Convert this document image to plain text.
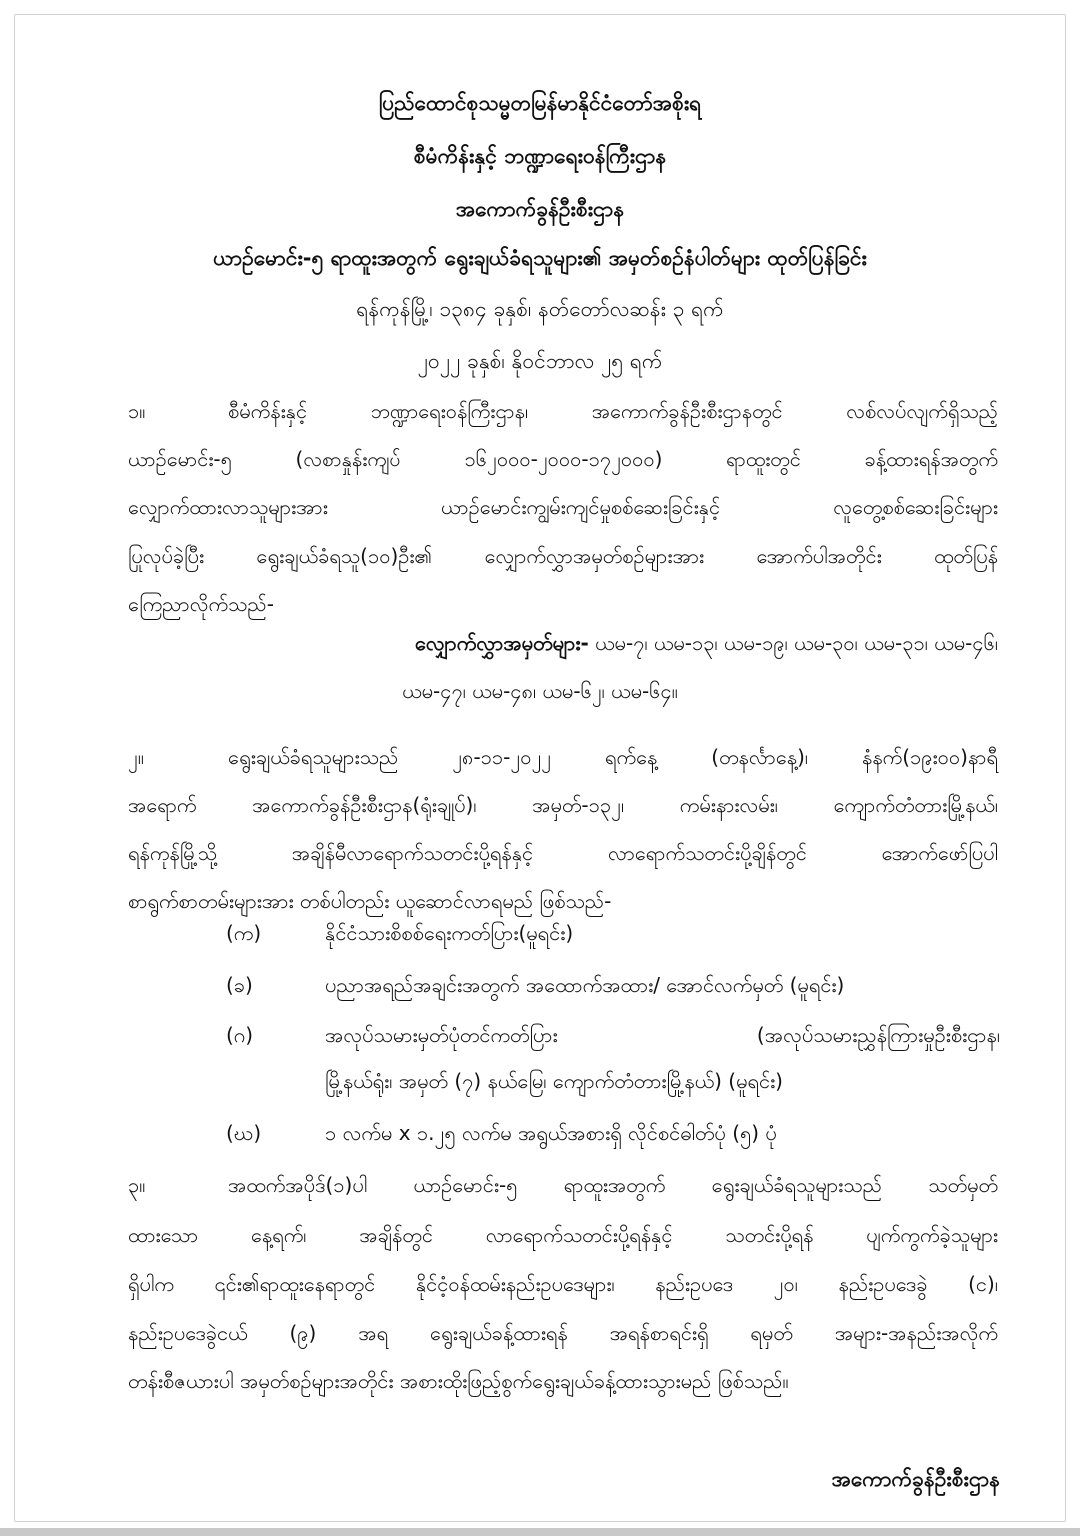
ပြည်ထောင်စုသမ္မတမြန်မာနိုင်ငံတော်အစိုးရ
စီမံကိန်းနှင့် ဘဏ္ဍာရေးဝန်ကြီးဌာန
အကောက်ခွန်ဦးစီးဌာန
ယာဉ်မောင်း-၅ ရာထူးအတွက် ရွေးချယ်ခံရသူများ၏ အမှတ်စဉ်နံပါတ်များ ထုတ်ပြန်ခြင်း
ရန်ကုန်မြို့၊ ၁၃၈၄ ခုနှစ်၊ နတ်တော်လဆန်း ၃ ရက်
၂၀၂၂ ခုနှစ်၊ နိုဝင်ဘာလ ၂၅ ရက်
၁။	စီမံကိန်းနှင့် ဘဏ္ဍာရေးဝန်ကြီးဌာန၊ အကောက်ခွန်ဦးစီးဌာနတွင် လစ်လပ်လျက်ရှိသည့်
ယာဉ်မောင်း-၅ (လစာနှုန်းကျပ် ၁၆၂၀၀၀-၂၀၀၀-၁၇၂၀၀၀) ရာထူးတွင် ခန့်ထားရန်အတွက်
လျှောက်ထားလာသူများအား ယာဉ်မောင်းကျွမ်းကျင်မှုစစ်ဆေးခြင်းနှင့် လူတွေ့စစ်ဆေးခြင်းများ
ပြုလုပ်ခဲ့ပြီး ရွေးချယ်ခံရသူ(၁၀)ဦး၏ လျှောက်လွှာအမှတ်စဉ်များအား အောက်ပါအတိုင်း ထုတ်ပြန်
ကြေညာလိုက်သည်-
လျှောက်လွှာအမှတ်များ- ယမ-၇၊ ယမ-၁၃၊ ယမ-၁၉၊ ယမ-၃၀၊ ယမ-၃၁၊ ယမ-၄၆၊
ယမ-၄၇၊ ယမ-၄၈၊ ယမ-၆၂၊ ယမ-၆၄။
၂။	ရွေးချယ်ခံရသူများသည် ၂၈-၁၁-၂၀၂၂ ရက်နေ့ (တနင်္လာနေ့)၊ နံနက်(၁၉း၀၀)နာရီ
အရောက် အကောက်ခွန်ဦးစီးဌာန(ရုံးချုပ်)၊ အမှတ်-၁၃၂၊ ကမ်းနားလမ်း၊ ကျောက်တံတားမြို့နယ်၊
ရန်ကုန်မြို့သို့ အချိန်မီလာရောက်သတင်းပို့ရန်နှင့် လာရောက်သတင်းပို့ချိန်တွင် အောက်ဖော်ပြပါ
စာရွက်စာတမ်းများအား တစ်ပါတည်း ယူဆောင်လာရမည် ဖြစ်သည်-
(က)	နိုင်ငံသားစိစစ်ရေးကတ်ပြား(မူရင်း)
(ခ)	ပညာအရည်အချင်းအတွက် အထောက်အထား/ အောင်လက်မှတ် (မူရင်း)
(ဂ)	အလုပ်သမားမှတ်ပုံတင်ကတ်ပြား (အလုပ်သမားညွှန်ကြားမှုဦးစီးဌာန၊
မြို့နယ်ရုံး၊ အမှတ် (၇) နယ်မြေ၊ ကျောက်တံတားမြို့နယ်) (မူရင်း)
(ဃ)	၁ လက်မ x ၁.၂၅ လက်မ အရွယ်အစားရှိ လိုင်စင်ဓါတ်ပုံ (၅) ပုံ
၃။	အထက်အပိုဒ်(၁)ပါ ယာဉ်မောင်း-၅ ရာထူးအတွက် ရွေးချယ်ခံရသူများသည် သတ်မှတ်
ထားသော နေ့ရက်၊ အချိန်တွင် လာရောက်သတင်းပို့ရန်နှင့် သတင်းပို့ရန် ပျက်ကွက်ခဲ့သူများ
ရှိပါက ၎င်း၏ရာထူးနေရာတွင် နိုင်ငံ့ဝန်ထမ်းနည်းဥပဒေများ၊ နည်းဥပဒေ ၂၀၊ နည်းဥပဒေခွဲ (င)၊
နည်းဥပဒေခွဲငယ် (၉) အရ ရွေးချယ်ခန့်ထားရန် အရန်စာရင်းရှိ ရမှတ် အများ-အနည်းအလိုက်
တန်းစီဇယားပါ အမှတ်စဉ်များအတိုင်း အစားထိုးဖြည့်စွက်ရွေးချယ်ခန့်ထားသွားမည် ဖြစ်သည်။
အကောက်ခွန်ဦးစီးဌာန
